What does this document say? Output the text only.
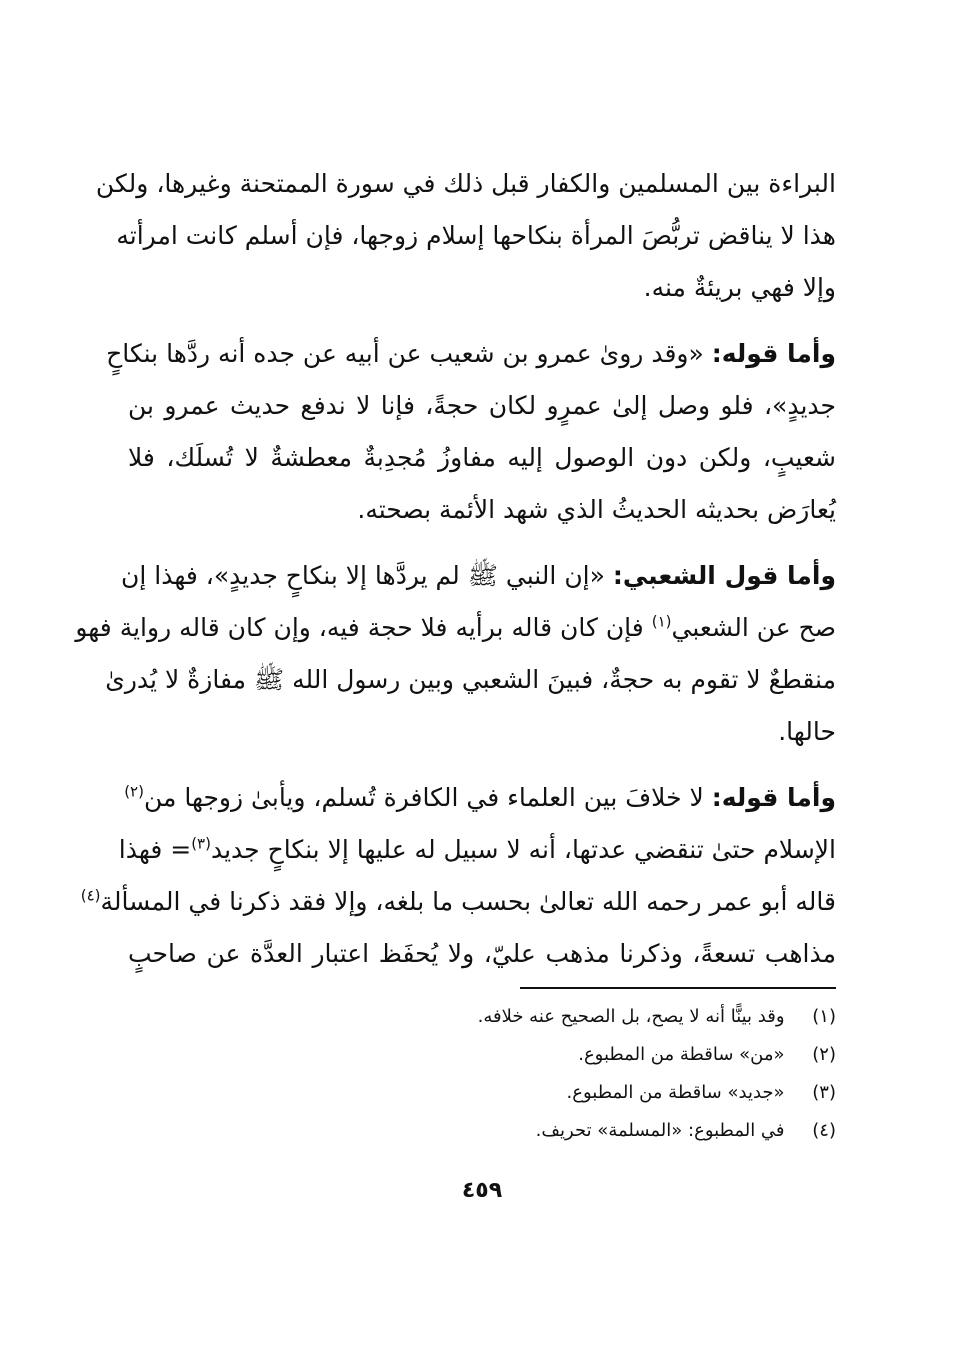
البراءة بين المسلمين والكفار قبل ذلك في سورة الممتحنة وغيرها، ولكن
هذا لا يناقض تربُّصَ المرأة بنكاحها إسلام زوجها، فإن أسلم كانت امرأته
وإلا فهي بريئةٌ منه.
وأما قوله: «وقد روىٰ عمرو بن شعيب عن أبيه عن جده أنه ردَّها بنكاحٍ
جديدٍ»، فلو وصل إلىٰ عمرٍو لكان حجةً، فإنا لا ندفع حديث عمرو بن
شعيبٍ، ولكن دون الوصول إليه مفاوزُ مُجدِبةٌ معطشةٌ لا تُسلَك، فلا
يُعارَض بحديثه الحديثُ الذي شهد الأئمة بصحته.
وأما قول الشعبي: «إن النبي ﷺ لم يردَّها إلا بنكاحٍ جديدٍ»، فهذا إن
صح عن الشعبي$^{(١)}$ فإن كان قاله برأيه فلا حجة فيه، وإن كان قاله رواية فهو
منقطعٌ لا تقوم به حجةٌ، فبينَ الشعبي وبين رسول الله ﷺ مفازةٌ لا يُدرىٰ
حالها.
وأما قوله: لا خلافَ بين العلماء في الكافرة تُسلم، ويأبىٰ زوجها من$^{(٢)}$
الإسلام حتىٰ تنقضي عدتها، أنه لا سبيل له عليها إلا بنكاحٍ جديد$^{(٣)}$= فهذا
قاله أبو عمر رحمه الله تعالىٰ بحسب ما بلغه، وإلا فقد ذكرنا في المسألة$^{(٤)}$
مذاهب تسعةً، وذكرنا مذهب عليّ، ولا يُحفَظ اعتبار العدَّة عن صاحبٍ
(١)  وقد بينًّا أنه لا يصح، بل الصحيح عنه خلافه.
(٢)  «من» ساقطة من المطبوع.
(٣)  «جديد» ساقطة من المطبوع.
(٤)  في المطبوع: «المسلمة» تحريف.
٤٥٩
